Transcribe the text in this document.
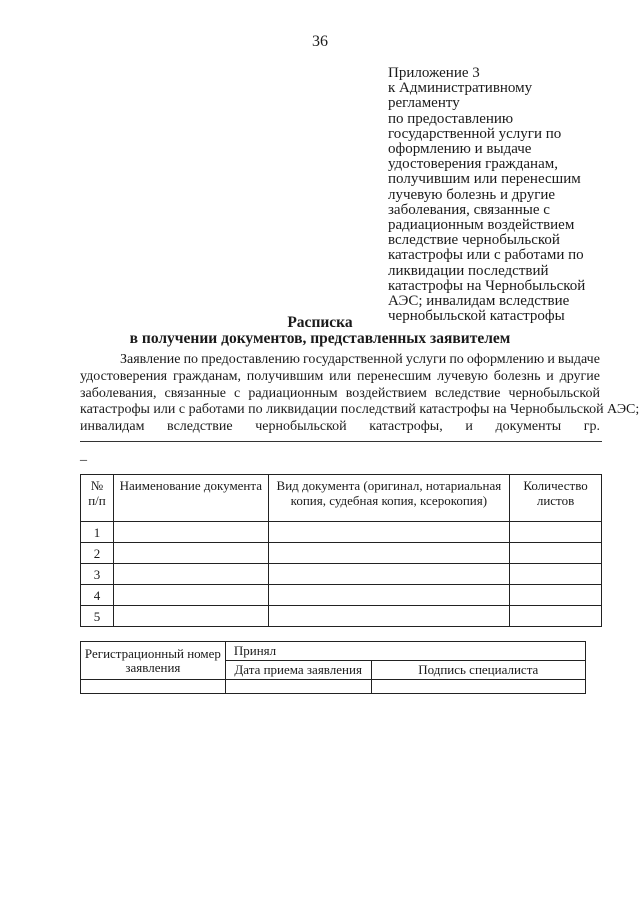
36
Приложение 3
к Административному
регламенту
по предоставлению
государственной услуги по
оформлению и выдаче
удостоверения гражданам,
получившим или перенесшим
лучевую болезнь и другие
заболевания, связанные с
радиационным воздействием
вследствие чернобыльской
катастрофы или с работами по
ликвидации последствий
катастрофы на Чернобыльской
АЭС; инвалидам вследствие
чернобыльской катастрофы
Расписка
в получении документов, представленных заявителем
Заявление по предоставлению государственной услуги по оформлению и выдаче
удостоверения гражданам, получившим или перенесшим лучевую болезнь и другие
заболевания, связанные с радиационным воздействием вследствие чернобыльской
катастрофы или с работами по ликвидации последствий катастрофы на Чернобыльской АЭС;
инвалидам вследствие чернобыльской катастрофы, и документы гр.
_
№ п/п	Наименование документа	Вид документа (оригинал, нотариальная копия, судебная копия, ксерокопия)	Количество листов
1			
2			
3			
4			
5			
Регистрационный номер заявления	Принял	
	Дата приема заявления	Подпись специалиста
